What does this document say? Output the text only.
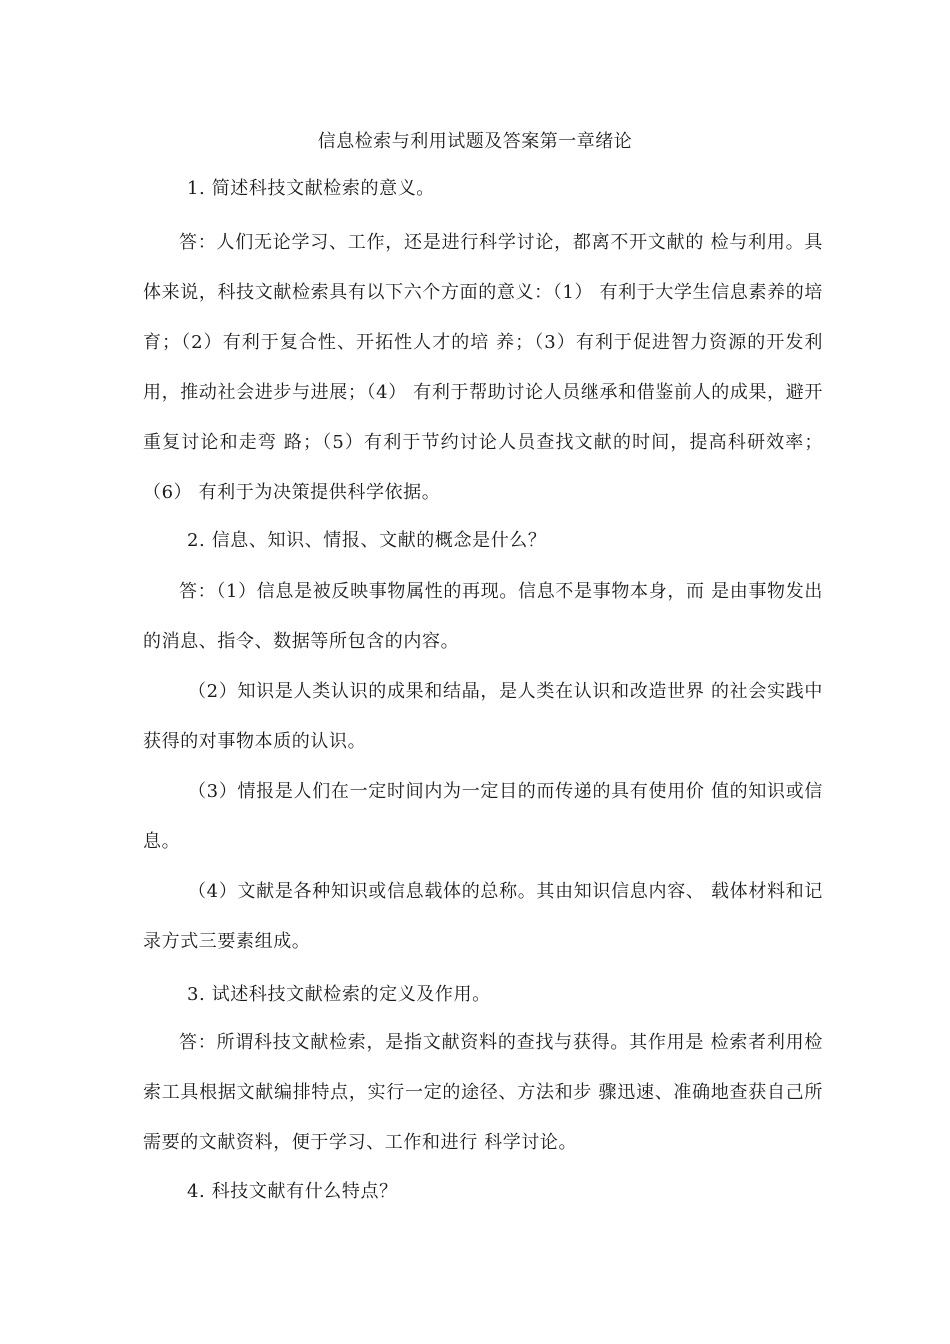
信息检索与利用试题及答案第一章绪论
1. 简述科技文献检索的意义。

答：人们无论学习、工作，还是进行科学讨论，都离不开文献的 检与利用。具体来说，科技文献检索具有以下六个方面的意义：（1） 有利于大学生信息素养的培育；（2）有利于复合性、开拓性人才的培 养；（3）有利于促进智力资源的开发利用，推动社会进步与进展；（4） 有利于帮助讨论人员继承和借鉴前人的成果，避开重复讨论和走弯 路；（5）有利于节约讨论人员查找文献的时间，提高科研效率；（6） 有利于为决策提供科学依据。

2. 信息、知识、情报、文献的概念是什么？

答：（1）信息是被反映事物属性的再现。信息不是事物本身，而 是由事物发出的消息、指令、数据等所包含的内容。

（2）知识是人类认识的成果和结晶，是人类在认识和改造世界 的社会实践中获得的对事物本质的认识。

（3）情报是人们在一定时间内为一定目的而传递的具有使用价 值的知识或信息。

（4）文献是各种知识或信息载体的总称。其由知识信息内容、 载体材料和记录方式三要素组成。

3. 试述科技文献检索的定义及作用。

答：所谓科技文献检索，是指文献资料的查找与获得。其作用是 检索者利用检索工具根据文献编排特点，实行一定的途径、方法和步 骤迅速、准确地查获自己所需要的文献资料，便于学习、工作和进行 科学讨论。

4. 科技文献有什么特点？
